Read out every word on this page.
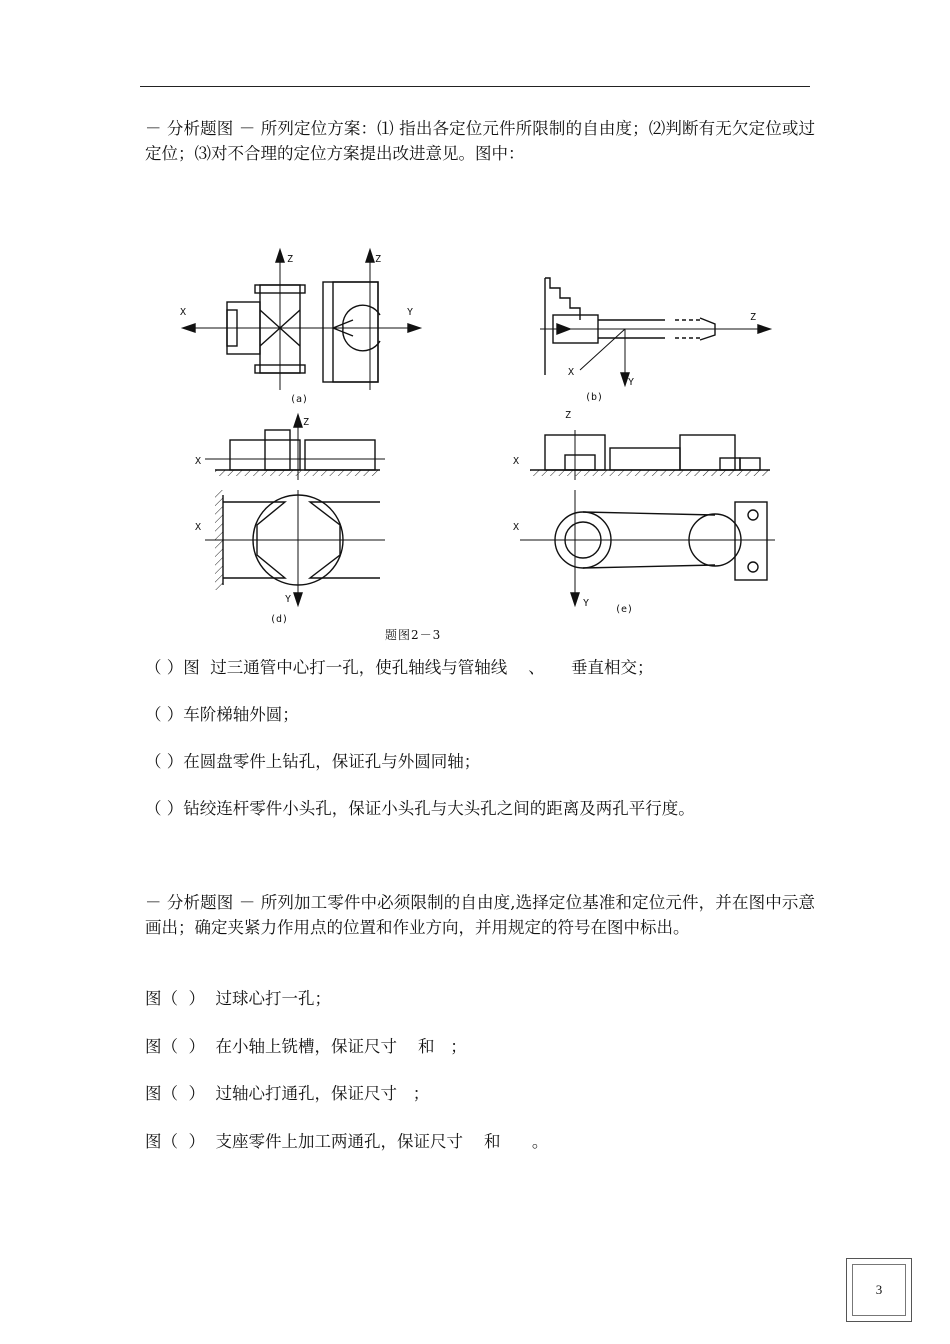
－ 分析题图 － 所列定位方案：⑴ 指出各定位元件所限制的自由度；⑵判断有无欠定位或过定位；⑶对不合理的定位方案提出改进意见。图中：
X
Z	Z
Y
(a)
Z
X
Y
(b)
X
Z
X
Y
(d)
X
Z
X
Y
(e)
题图2－3
（ ）图  过三通管中心打一孔，使孔轴线与管轴线    、     垂直相交；
（ ）车阶梯轴外圆；
（ ）在圆盘零件上钻孔，保证孔与外圆同轴；
（ ）钻绞连杆零件小头孔，保证小头孔与大头孔之间的距离及两孔平行度。
－ 分析题图 － 所列加工零件中必须限制的自由度,选择定位基准和定位元件，并在图中示意画出；确定夹紧力作用点的位置和作业方向，并用规定的符号在图中标出。
图（  ）  过球心打一孔；
图（  ）  在小轴上铣槽，保证尺寸    和   ；
图（  ）  过轴心打通孔，保证尺寸   ；
图（  ）  支座零件上加工两通孔，保证尺寸    和      。
3
